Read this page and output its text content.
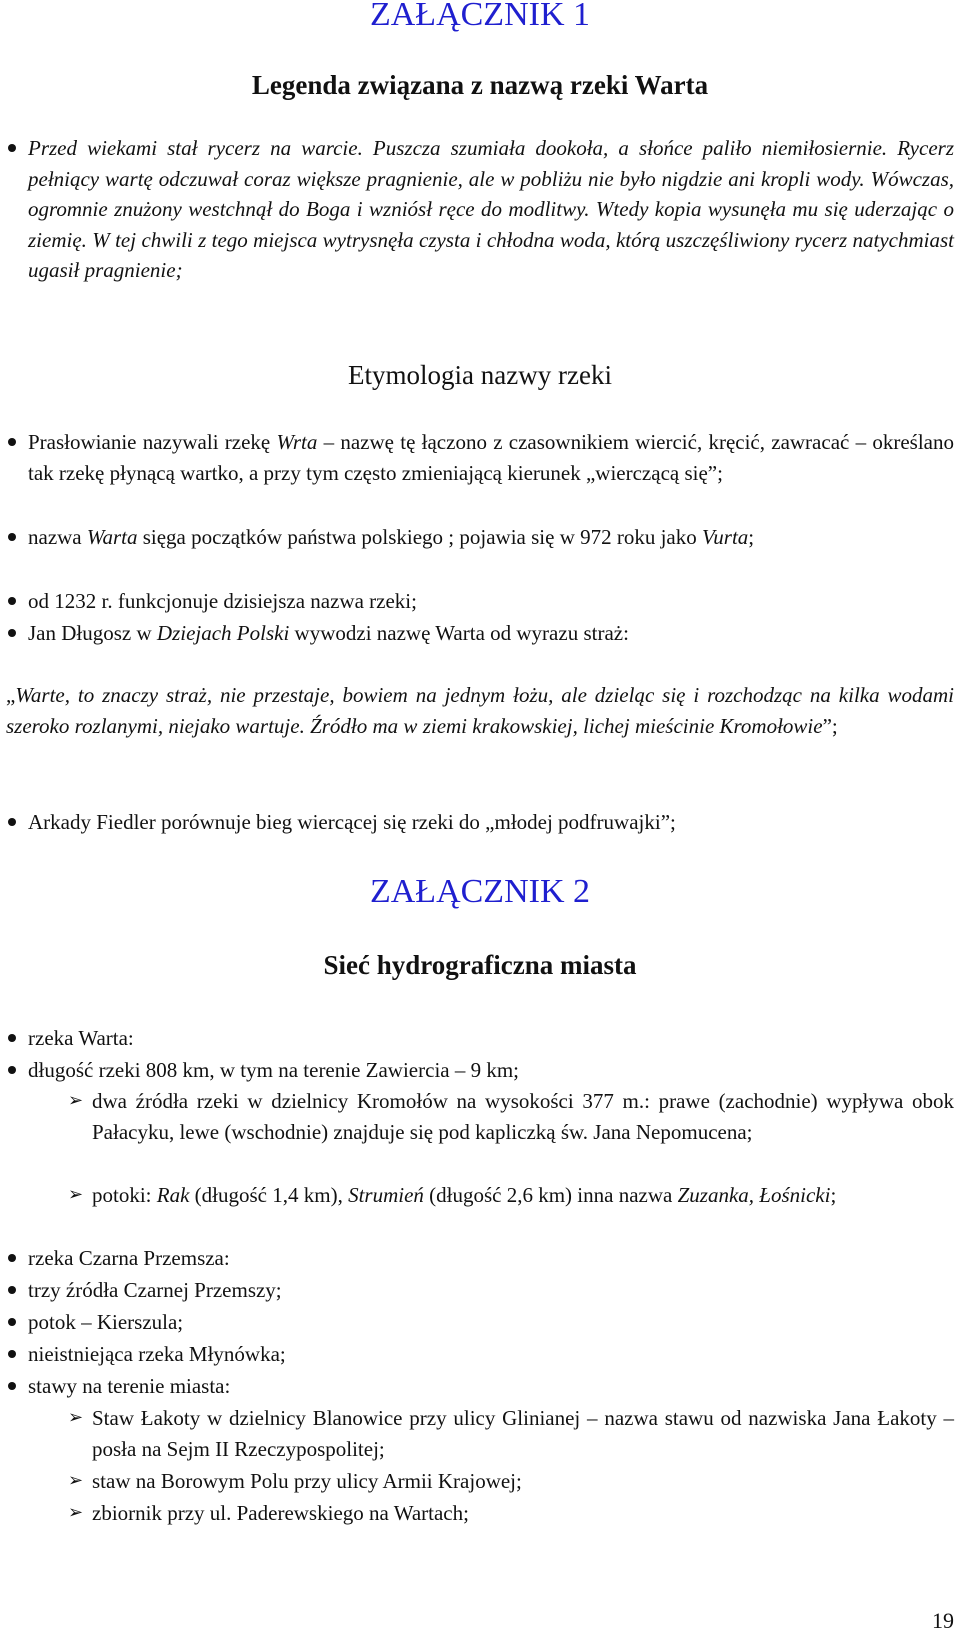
ZAŁĄCZNIK 1
Legenda związana z nazwą rzeki Warta

Przed wiekami stał rycerz na warcie. Puszcza szumiała dookoła, a słońce paliło niemiłosiernie. Rycerz pełniący wartę odczuwał coraz większe pragnienie, ale w pobliżu nie było nigdzie ani kropli wody. Wówczas, ogromnie znużony westchnął do Boga i wzniósł ręce do modlitwy. Wtedy kopia wysunęła mu się uderzając o ziemię. W tej chwili z tego miejsca wytrysnęła czysta i chłodna woda, którą uszczęśliwiony rycerz natychmiast ugasił pragnienie;

Etymologia nazwy rzeki

Prasłowianie nazywali rzekę Wrta – nazwę tę łączono z czasownikiem wiercić, kręcić, zawracać – określano tak rzekę płynącą wartko, a przy tym często zmieniającą kierunek „wierczącą się”;

nazwa Warta sięga początków państwa polskiego ; pojawia się w 972 roku jako Vurta;

od 1232 r. funkcjonuje dzisiejsza nazwa rzeki;

Jan Długosz w Dziejach Polski wywodzi nazwę Warta od wyrazu straż:

„Warte, to znaczy straż, nie przestaje, bowiem na jednym łożu, ale dzieląc się i rozchodząc na kilka wodami szeroko rozlanymi, niejako wartuje. Źródło ma w ziemi krakowskiej, lichej mieścinie Kromołowie”;

Arkady Fiedler porównuje bieg wiercącej się rzeki do „młodej podfruwajki”;

ZAŁĄCZNIK 2
Sieć hydrograficzna miasta

rzeka Warta:

długość rzeki 808 km, w tym na terenie Zawiercia – 9 km;

➢ dwa źródła rzeki w dzielnicy Kromołów na wysokości 377 m.: prawe (zachodnie) wypływa obok Pałacyku, lewe (wschodnie) znajduje się pod kapliczką św. Jana Nepomucena;

➢ potoki: Rak (długość 1,4 km), Strumień (długość 2,6 km) inna nazwa Zuzanka, Łośnicki;

rzeka Czarna Przemsza:

trzy źródła Czarnej Przemszy;

potok – Kierszula;

nieistniejąca rzeka Młynówka;

stawy na terenie miasta:

➢ Staw Łakoty w dzielnicy Blanowice przy ulicy Glinianej – nazwa stawu od nazwiska Jana Łakoty – posła na Sejm II Rzeczypospolitej;

➢ staw na Borowym Polu przy ulicy Armii Krajowej;

➢ zbiornik przy ul. Paderewskiego na Wartach;

19
